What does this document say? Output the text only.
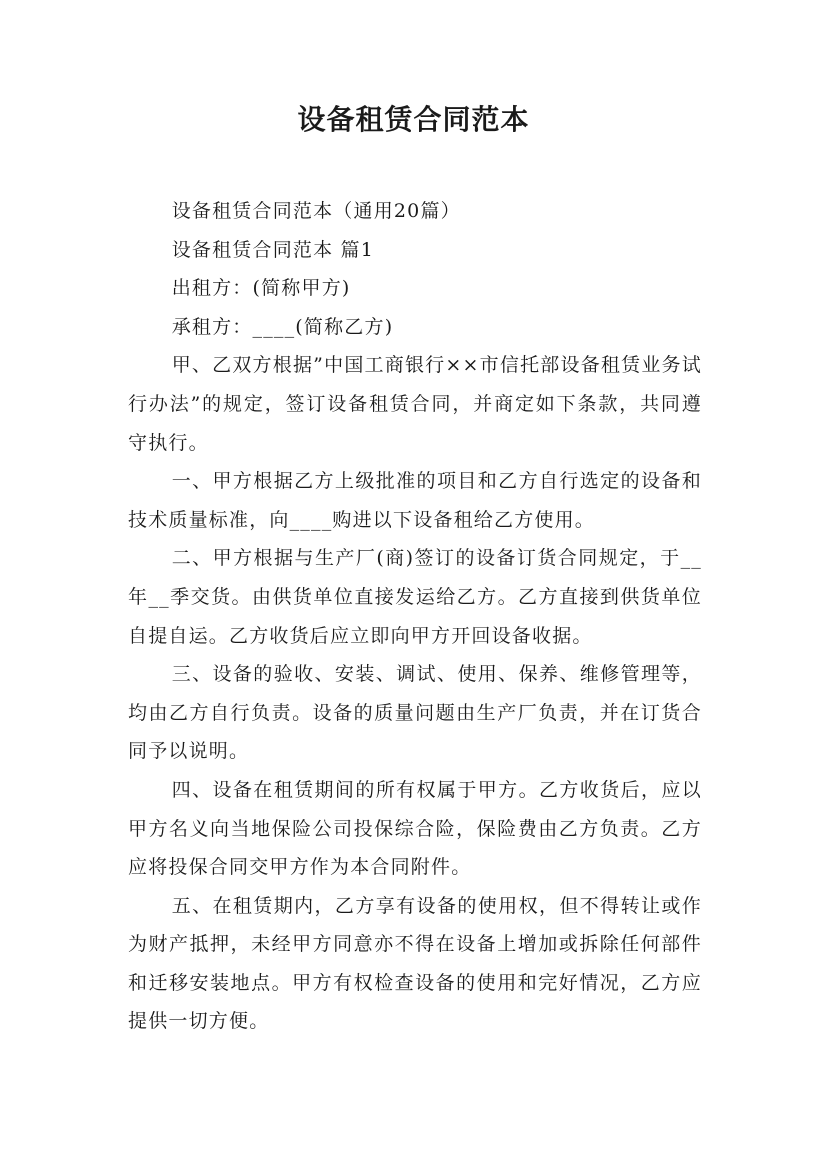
设备租赁合同范本

设备租赁合同范本（通用20篇）

设备租赁合同范本 篇1

出租方：(简称甲方)

承租方：____(简称乙方)

甲、乙双方根据”中国工商银行××市信托部设备租赁业务试行办法”的规定，签订设备租赁合同，并商定如下条款，共同遵守执行。

一、甲方根据乙方上级批准的项目和乙方自行选定的设备和技术质量标准，向____购进以下设备租给乙方使用。

二、甲方根据与生产厂(商)签订的设备订货合同规定，于__年__季交货。由供货单位直接发运给乙方。乙方直接到供货单位自提自运。乙方收货后应立即向甲方开回设备收据。

三、设备的验收、安装、调试、使用、保养、维修管理等，均由乙方自行负责。设备的质量问题由生产厂负责，并在订货合同予以说明。

四、设备在租赁期间的所有权属于甲方。乙方收货后，应以甲方名义向当地保险公司投保综合险，保险费由乙方负责。乙方应将投保合同交甲方作为本合同附件。

五、在租赁期内，乙方享有设备的使用权，但不得转让或作为财产抵押，未经甲方同意亦不得在设备上增加或拆除任何部件和迁移安装地点。甲方有权检查设备的使用和完好情况，乙方应提供一切方便。
